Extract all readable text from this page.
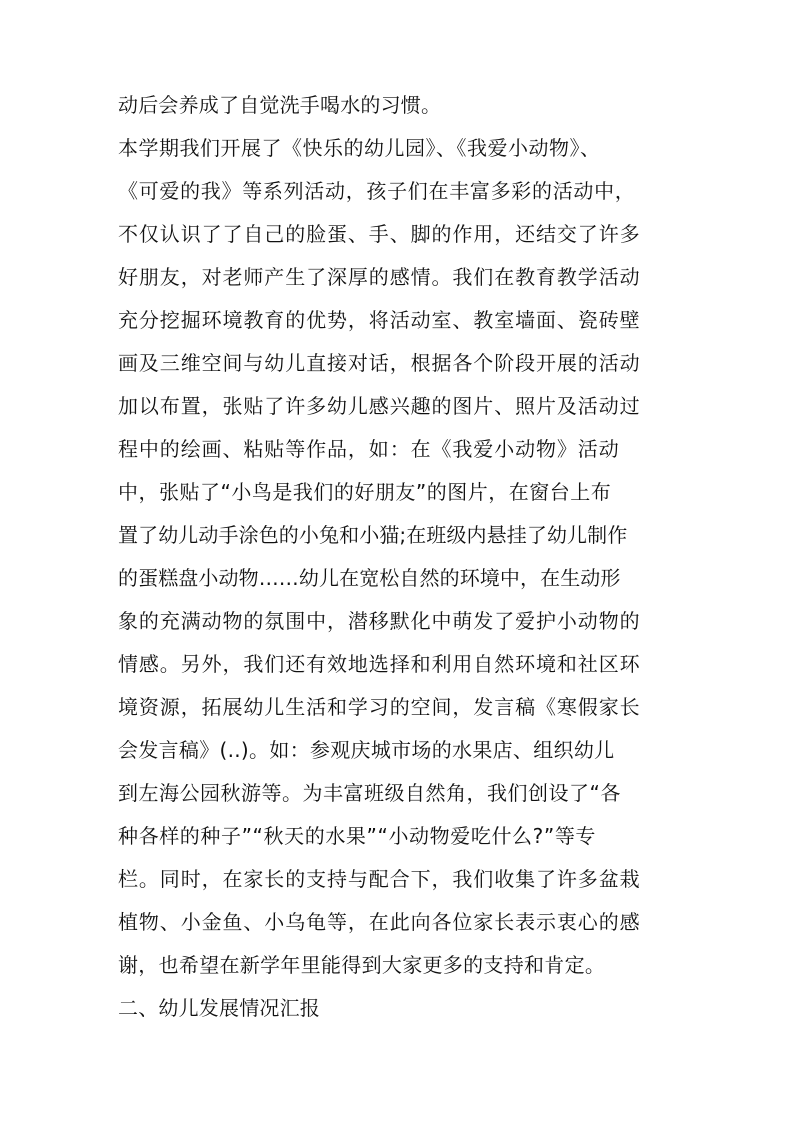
动后会养成了自觉洗手喝水的习惯。
本学期我们开展了《快乐的幼儿园》、《我爱小动物》、
《可爱的我》等系列活动，孩子们在丰富多彩的活动中，
不仅认识了了自己的脸蛋、手、脚的作用，还结交了许多
好朋友，对老师产生了深厚的感情。我们在教育教学活动
充分挖掘环境教育的优势，将活动室、教室墙面、瓷砖壁
画及三维空间与幼儿直接对话，根据各个阶段开展的活动
加以布置，张贴了许多幼儿感兴趣的图片、照片及活动过
程中的绘画、粘贴等作品，如：在《我爱小动物》活动
中，张贴了“小鸟是我们的好朋友”的图片，在窗台上布
置了幼儿动手涂色的小兔和小猫;在班级内悬挂了幼儿制作
的蛋糕盘小动物……幼儿在宽松自然的环境中，在生动形
象的充满动物的氛围中，潜移默化中萌发了爱护小动物的
情感。另外，我们还有效地选择和利用自然环境和社区环
境资源，拓展幼儿生活和学习的空间，发言稿《寒假家长
会发言稿》(..)。如：参观庆城市场的水果店、组织幼儿
到左海公园秋游等。为丰富班级自然角，我们创设了“各
种各样的种子”“秋天的水果”“小动物爱吃什么?”等专
栏。同时，在家长的支持与配合下，我们收集了许多盆栽
植物、小金鱼、小乌龟等，在此向各位家长表示衷心的感
谢，也希望在新学年里能得到大家更多的支持和肯定。
二、幼儿发展情况汇报
